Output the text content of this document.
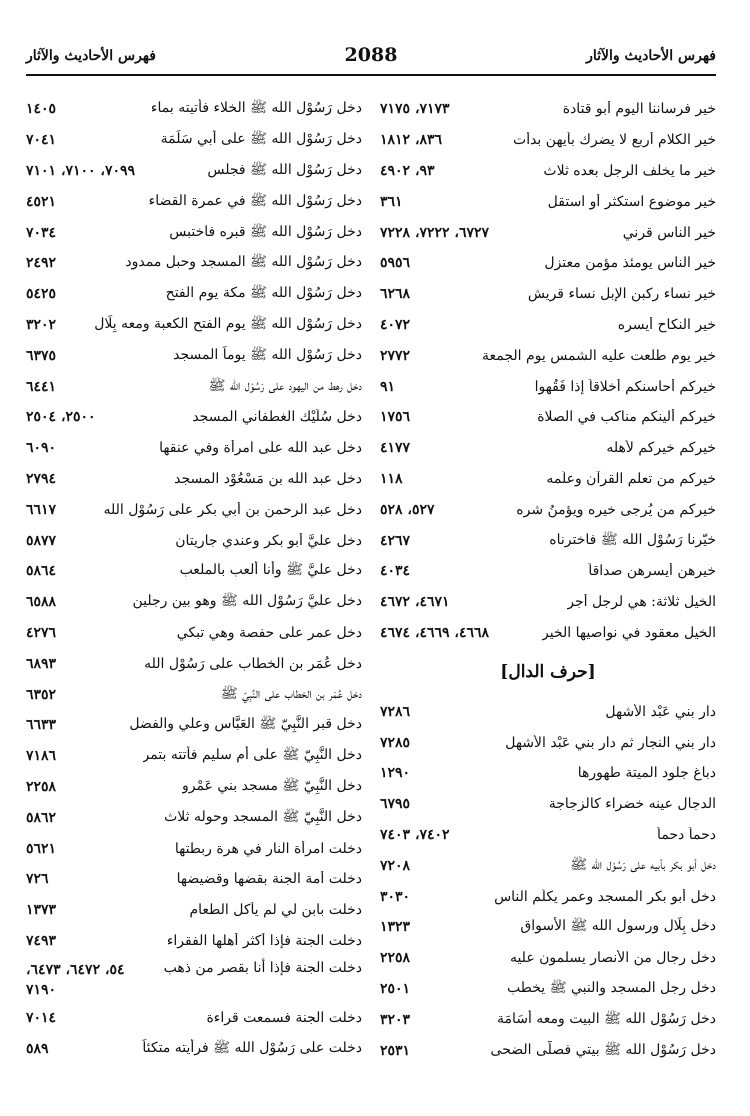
فهرس الأحاديث والآثار	2088	فهرس الأحاديث والآثار
خير فرساننا اليوم أبو قتادة
٧١٧٣، ٧١٧٥
خير الكلام أربع لا يضرك بأيهن بدأت
٨٣٦، ١٨١٢
خير ما يخلف الرجل بعده ثلاث
٩٣، ٤٩٠٢
خير موضوع استكثر أو استقل
٣٦١
خير الناس قرني
٦٧٢٧، ٧٢٢٢، ٧٢٢٨
خير الناس يومئذ مؤمن معتزل
٥٩٥٦
خير نساء ركبن الإبل نساء قريش
٦٢٦٨
خير النكاح أيسره
٤٠٧٢
خير يوم طلعت عليه الشمس يوم الجمعة
٢٧٧٢
خيركم أحاسنكم أخلاقاً إذا فَقُهوا
٩١
خيركم ألينكم مناكب في الصلاة
١٧٥٦
خيركم خيركم لأهله
٤١٧٧
خيركم من تعلم القرآن وعلّمه
١١٨
خيركم من يُرجى خيره ويؤمنُ شره
٥٢٧، ٥٢٨
خيّرنا رَسُوْل الله ﷺ فاخترناه
٤٢٦٧
خيرهن أيسرهن صداقاً
٤٠٣٤
الخيل ثلاثة: هي لرجل أجر
٤٦٧١، ٤٦٧٢
الخيل معقود في نواصيها الخير
٤٦٦٨، ٤٦٦٩، ٤٦٧٤
[حرف الدال]
دار بني عَبْد الأشهل
٧٢٨٦
دار بني النجار ثم دار بني عَبْد الأشهل
٧٢٨٥
دباغ جلود الميتة طهورها
١٢٩٠
الدجال عينه خضراء كالزجاجة
٦٧٩٥
دحماً دحماً
٧٤٠٢، ٧٤٠٣
دخل أبو بكر بأبيه على رَسُوْل الله ﷺ
٧٢٠٨
دخل أبو بكر المسجد وعمر يكلّم الناس
٣٠٣٠
دخل بِلَال ورسول الله ﷺ الأسواق
١٣٢٣
دخل رجال من الأنصار يسلمون عليه
٢٢٥٨
دخل رجل المسجد والنبي ﷺ يخطب
٢٥٠١
دخل رَسُوْل الله ﷺ البيت ومعه أُسَامَة
٣٢٠٣
دخل رَسُوْل الله ﷺ بيتي فصلّى الضحى
٢٥٣١
دخل رَسُوْل الله ﷺ الخلاء فأتيته بماء
١٤٠٥
دخل رَسُوْل الله ﷺ على أبي سَلَمَة
٧٠٤١
دخل رَسُوْل الله ﷺ فجلس
٧٠٩٩، ٧١٠٠، ٧١٠١
دخل رَسُوْل الله ﷺ في عمرة القضاء
٤٥٢١
دخل رَسُوْل الله ﷺ قبره فاختبس
٧٠٣٤
دخل رَسُوْل الله ﷺ المسجد وحبل ممدود
٢٤٩٢
دخل رَسُوْل الله ﷺ مكة يوم الفتح
٥٤٢٥
دخل رَسُوْل الله ﷺ يوم الفتح الكعبة ومعه بِلَال
٣٢٠٢
دخل رَسُوْل الله ﷺ يوماً المسجد
٦٣٧٥
دخل رهط من اليهود على رَسُوْل الله ﷺ
٦٤٤١
دخل سُلَيْك الغطفاني المسجد
٢٥٠٠، ٢٥٠٤
دخل عبد الله على امرأة وفي عنقها
٦٠٩٠
دخل عبد الله بن مَسْعُوْد المسجد
٢٧٩٤
دخل عبد الرحمن بن أبي بكر على رَسُوْل الله
٦٦١٧
دخل عليَّ أبو بكر وعندي جاريتان
٥٨٧٧
دخل عليَّ ﷺ وأنا ألعب بالملعب
٥٨٦٤
دخل عليَّ رَسُوْل الله ﷺ وهو بين رجلين
٦٥٨٨
دخل عمر على حفصة وهي تبكي
٤٢٧٦
دخل عُمَر بن الخطاب على رَسُوْل الله
٦٨٩٣
دخل عُمَر بن الخطاب على النَّبِيّ ﷺ
٦٣٥٢
دخل قبر النَّبِيّ ﷺ العَبَّاس وعلي والفضل
٦٦٣٣
دخل النَّبِيّ ﷺ على أم سليم فأتته بتمر
٧١٨٦
دخل النَّبِيّ ﷺ مسجد بني عَمْرو
٢٢٥٨
دخل النَّبِيّ ﷺ المسجد وحوله ثلاث
٥٨٦٢
دخلت امرأة النار في هرة ربطتها
٥٦٢١
دخلت أمة الجنة بقضها وقضيضها
٧٢٦
دخلت بابن لي لم يأكل الطعام
١٣٧٣
دخلت الجنة فإذا أكثر أهلها الفقراء
٧٤٩٣
دخلت الجنة فإذا أنا بقصر من ذهب
٥٤، ٦٤٧٢، ٦٤٧٣، ٧١٩٠
دخلت الجنة فسمعت قراءة
٧٠١٤
دخلت على رَسُوْل الله ﷺ فرأيته متكئاً
٥٨٩
